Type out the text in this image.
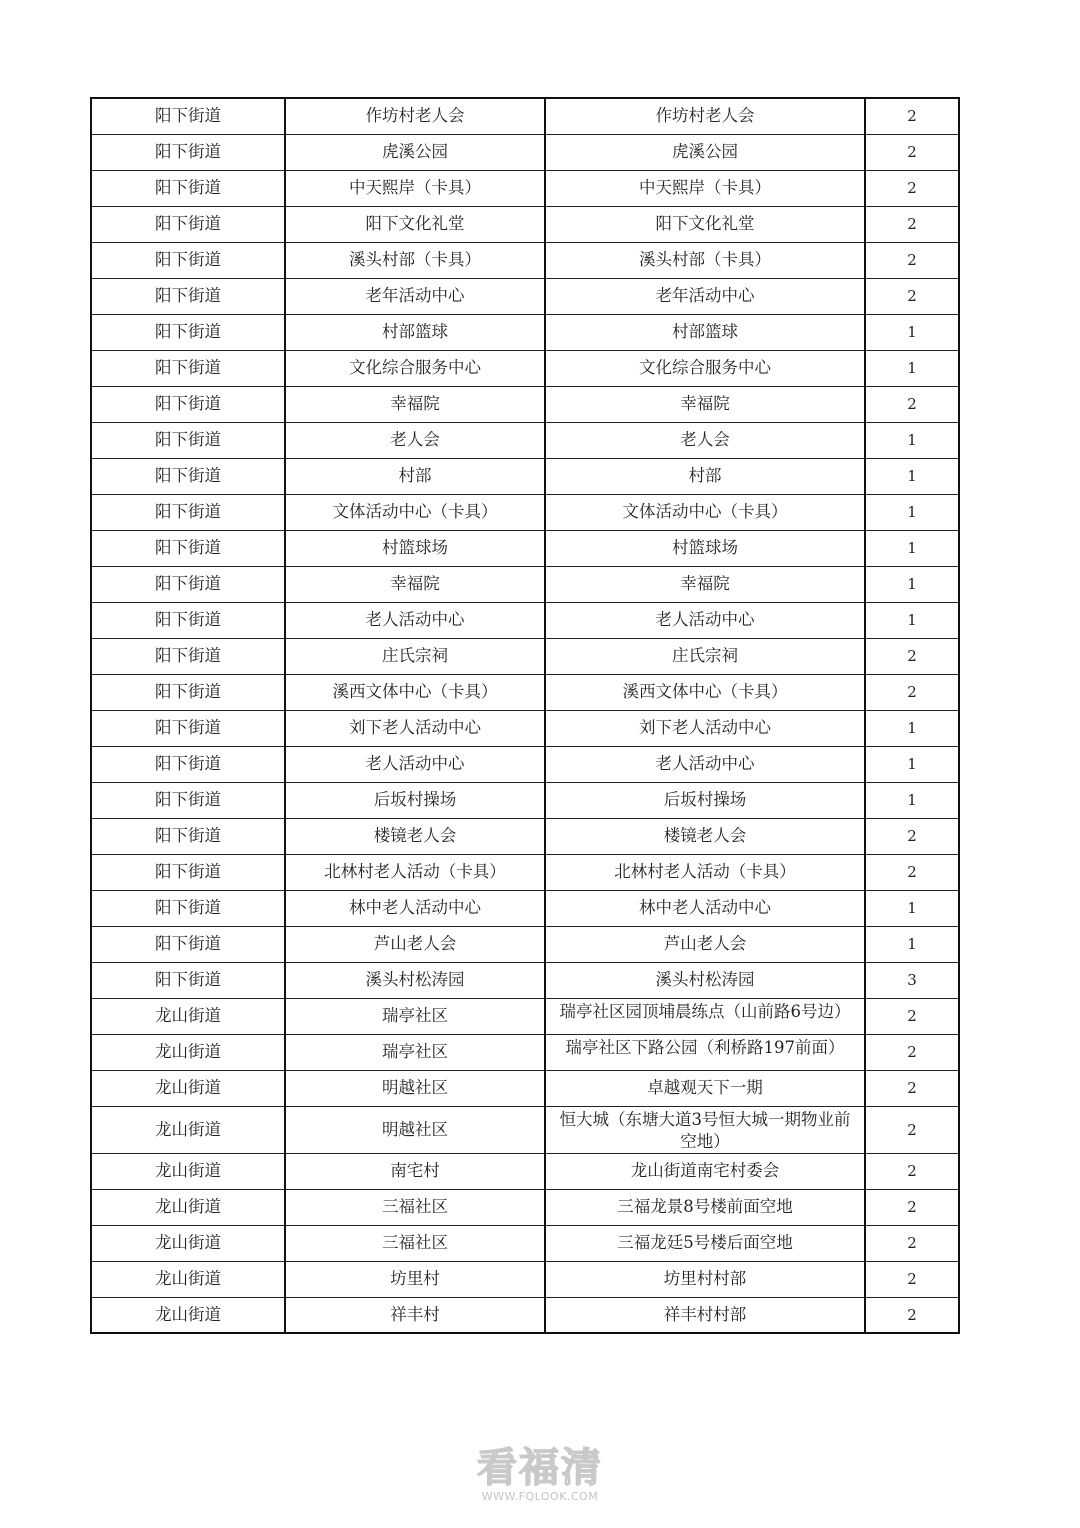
阳下街道	作坊村老人会	作坊村老人会	2
阳下街道	虎溪公园	虎溪公园	2
阳下街道	中天熙岸（卡具）	中天熙岸（卡具）	2
阳下街道	阳下文化礼堂	阳下文化礼堂	2
阳下街道	溪头村部（卡具）	溪头村部（卡具）	2
阳下街道	老年活动中心	老年活动中心	2
阳下街道	村部篮球	村部篮球	1
阳下街道	文化综合服务中心	文化综合服务中心	1
阳下街道	幸福院	幸福院	2
阳下街道	老人会	老人会	1
阳下街道	村部	村部	1
阳下街道	文体活动中心（卡具）	文体活动中心（卡具）	1
阳下街道	村篮球场	村篮球场	1
阳下街道	幸福院	幸福院	1
阳下街道	老人活动中心	老人活动中心	1
阳下街道	庄氏宗祠	庄氏宗祠	2
阳下街道	溪西文体中心（卡具）	溪西文体中心（卡具）	2
阳下街道	刘下老人活动中心	刘下老人活动中心	1
阳下街道	老人活动中心	老人活动中心	1
阳下街道	后坂村操场	后坂村操场	1
阳下街道	楼镜老人会	楼镜老人会	2
阳下街道	北林村老人活动（卡具）	北林村老人活动（卡具）	2
阳下街道	林中老人活动中心	林中老人活动中心	1
阳下街道	芦山老人会	芦山老人会	1
阳下街道	溪头村松涛园	溪头村松涛园	3
龙山街道	瑞亭社区	瑞亭社区园顶埔晨练点（山前路6号边）	2
龙山街道	瑞亭社区	瑞亭社区下路公园（利桥路197前面）	2
龙山街道	明越社区	卓越观天下一期	2
龙山街道	明越社区	恒大城（东塘大道3号恒大城一期物业前空地）	2
龙山街道	南宅村	龙山街道南宅村委会	2
龙山街道	三福社区	三福龙景8号楼前面空地	2
龙山街道	三福社区	三福龙廷5号楼后面空地	2
龙山街道	坊里村	坊里村村部	2
龙山街道	祥丰村	祥丰村村部	2
看福清
WWW.FQLOOK.COM
